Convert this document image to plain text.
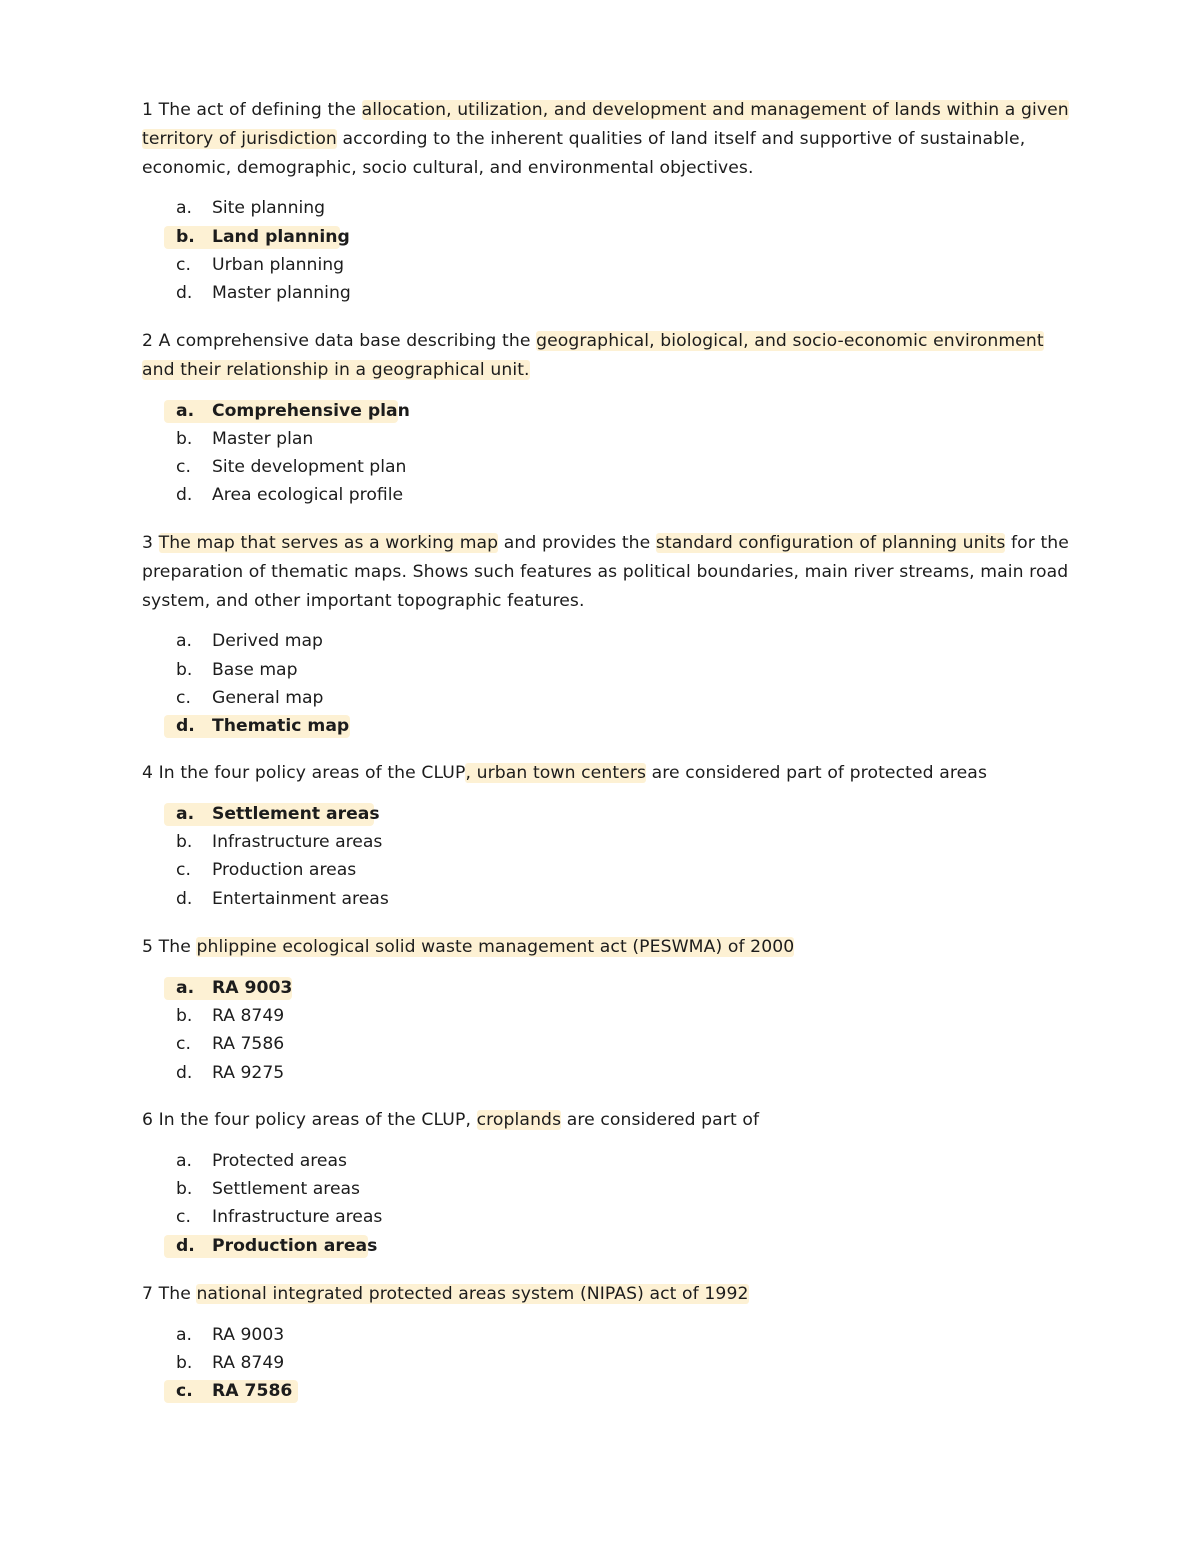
1 The act of defining the allocation, utilization, and development and management of lands within a given territory of jurisdiction according to the inherent qualities of land itself and supportive of sustainable, economic, demographic, socio cultural, and environmental objectives.

a. Site planning
b. Land planning
c. Urban planning
d. Master planning

2 A comprehensive data base describing the geographical, biological, and socio-economic environment and their relationship in a geographical unit.

a. Comprehensive plan
b. Master plan
c. Site development plan
d. Area ecological profile

3 The map that serves as a working map and provides the standard configuration of planning units for the preparation of thematic maps. Shows such features as political boundaries, main river streams, main road system, and other important topographic features.

a. Derived map
b. Base map
c. General map
d. Thematic map

4 In the four policy areas of the CLUP, urban town centers are considered part of protected areas

a. Settlement areas
b. Infrastructure areas
c. Production areas
d. Entertainment areas

5 The phlippine ecological solid waste management act (PESWMA) of 2000

a. RA 9003
b. RA 8749
c. RA 7586
d. RA 9275

6 In the four policy areas of the CLUP, croplands are considered part of

a. Protected areas
b. Settlement areas
c. Infrastructure areas
d. Production areas

7 The national integrated protected areas system (NIPAS) act of 1992

a. RA 9003
b. RA 8749
c. RA 7586
